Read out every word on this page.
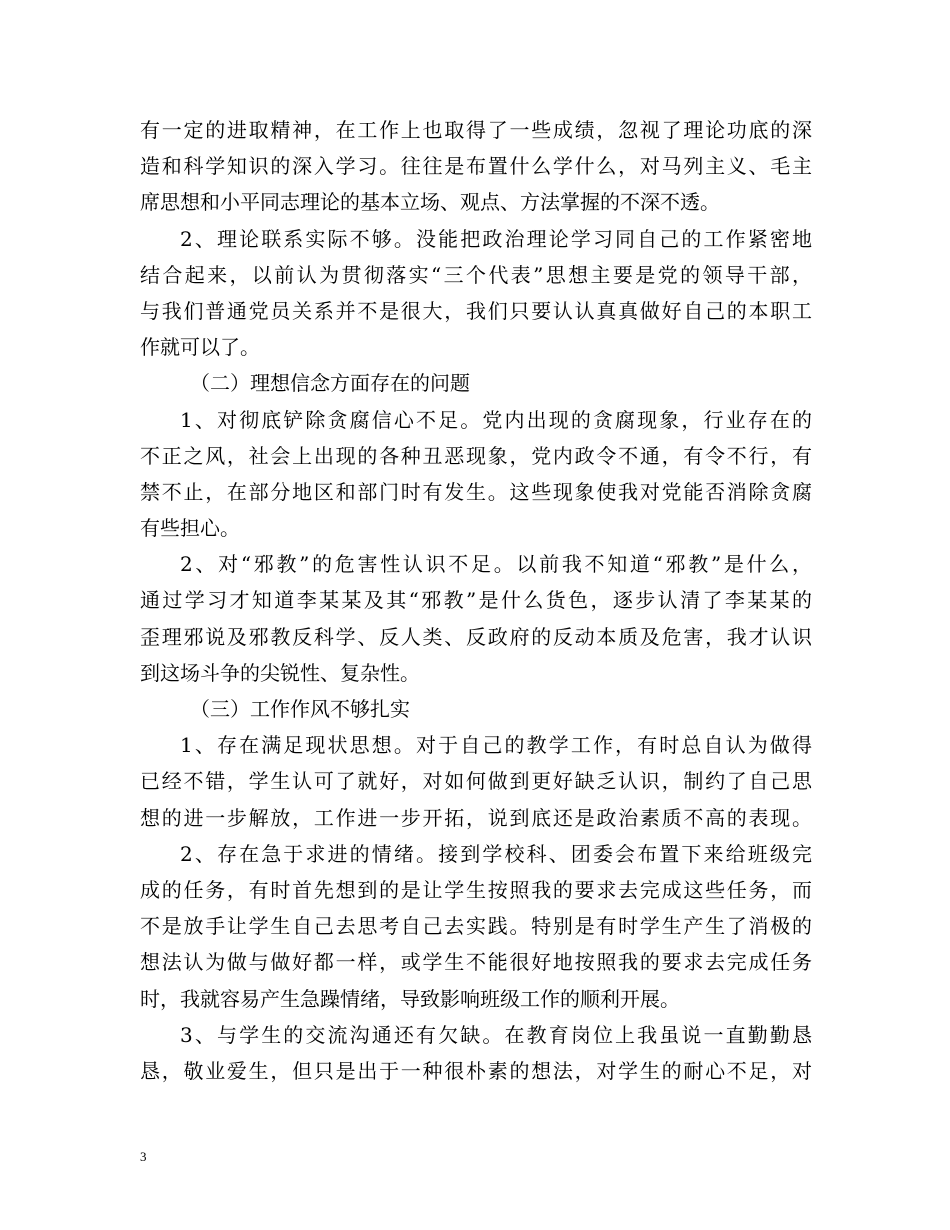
有一定的进取精神，在工作上也取得了一些成绩，忽视了理论功底的深
造和科学知识的深入学习。往往是布置什么学什么，对马列主义、毛主
席思想和小平同志理论的基本立场、观点、方法掌握的不深不透。
2、理论联系实际不够。没能把政治理论学习同自己的工作紧密地
结合起来，以前认为贯彻落实“三个代表”思想主要是党的领导干部，
与我们普通党员关系并不是很大，我们只要认认真真做好自己的本职工
作就可以了。
（二）理想信念方面存在的问题
1、对彻底铲除贪腐信心不足。党内出现的贪腐现象，行业存在的
不正之风，社会上出现的各种丑恶现象，党内政令不通，有令不行，有
禁不止，在部分地区和部门时有发生。这些现象使我对党能否消除贪腐
有些担心。
2、对“邪教”的危害性认识不足。以前我不知道“邪教”是什么，
通过学习才知道李某某及其“邪教”是什么货色，逐步认清了李某某的
歪理邪说及邪教反科学、反人类、反政府的反动本质及危害，我才认识
到这场斗争的尖锐性、复杂性。
（三）工作作风不够扎实
1、存在满足现状思想。对于自己的教学工作，有时总自认为做得
已经不错，学生认可了就好，对如何做到更好缺乏认识，制约了自己思
想的进一步解放，工作进一步开拓，说到底还是政治素质不高的表现。
2、存在急于求进的情绪。接到学校科、团委会布置下来给班级完
成的任务，有时首先想到的是让学生按照我的要求去完成这些任务，而
不是放手让学生自己去思考自己去实践。特别是有时学生产生了消极的
想法认为做与做好都一样，或学生不能很好地按照我的要求去完成任务
时，我就容易产生急躁情绪，导致影响班级工作的顺利开展。
3、与学生的交流沟通还有欠缺。在教育岗位上我虽说一直勤勤恳
恳，敬业爱生，但只是出于一种很朴素的想法，对学生的耐心不足，对
3
